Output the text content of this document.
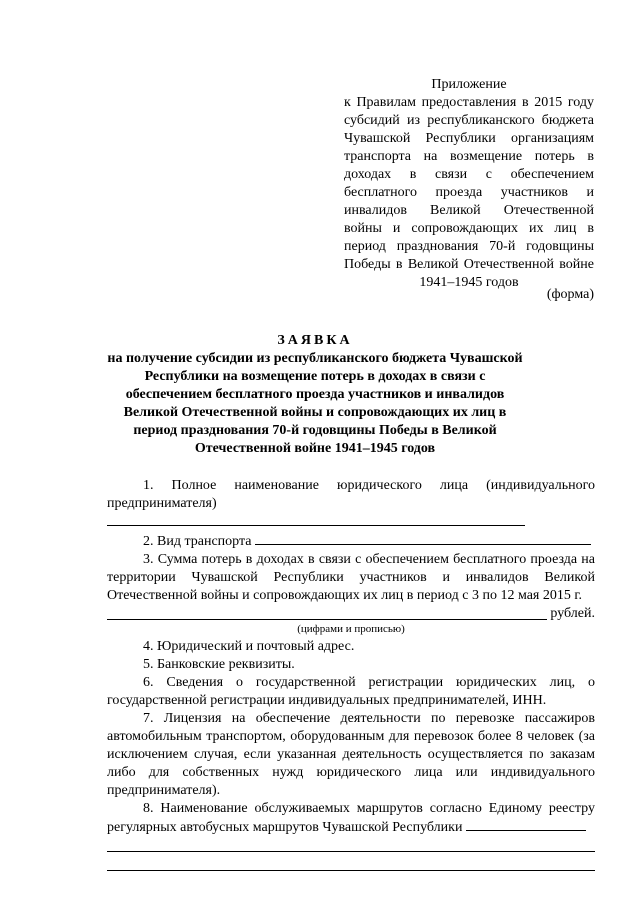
Приложение
к Правилам предоставления в 2015 году субсидий из республиканского бюджета Чувашской Республики организациям транспорта на возмещение потерь в доходах в связи с обеспечением бесплатного проезда участников и инвалидов Великой Отечественной войны и сопровождающих их лиц в период празднования 70-й годовщины Победы в Великой Отечественной войне 1941–1945 годов
(форма)
ЗАЯВКА
на получение субсидии из республиканского бюджета Чувашской Республики на возмещение потерь в доходах в связи с обеспечением бесплатного проезда участников и инвалидов Великой Отечественной войны и сопровождающих их лиц в период празднования 70-й годовщины Победы в Великой Отечественной войне 1941–1945 годов

1. Полное наименование юридического лица (индивидуального предпринимателя)

2. Вид транспорта

3. Сумма потерь в доходах в связи с обеспечением бесплатного проезда на территории Чувашской Республики участников и инвалидов Великой Отечественной войны и сопровождающих их лиц в период с 3 по 12 мая 2015 г.

рублей.

(цифрами и прописью)

4. Юридический и почтовый адрес.

5. Банковские реквизиты.

6. Сведения о государственной регистрации юридических лиц, о государственной регистрации индивидуальных предпринимателей, ИНН.

7. Лицензия на обеспечение деятельности по перевозке пассажиров автомобильным транспортом, оборудованным для перевозок более 8 человек (за исключением случая, если указанная деятельность осуществляется по заказам либо для собственных нужд юридического лица или индивидуального предпринимателя).

8. Наименование обслуживаемых маршрутов согласно Единому реестру регулярных автобусных маршрутов Чувашской Республики
